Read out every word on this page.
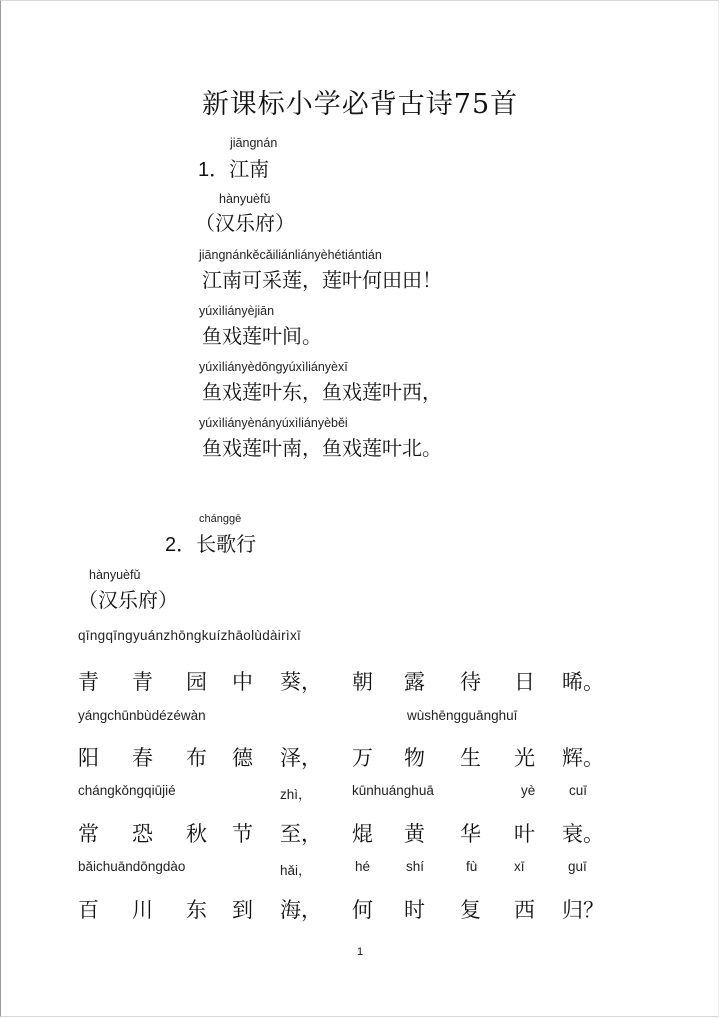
新课标小学必背古诗75首
jiāngnán
1．江南
hànyuèfǔ
（汉乐府）
jiāngnánkěcǎiliánliányèhétiántián
江南可采莲，莲叶何田田！
yúxìliányèjiān
鱼戏莲叶间。
yúxìliányèdōngyúxìliányèxī
鱼戏莲叶东，鱼戏莲叶西，
yúxìliányènányúxìliányèběi
鱼戏莲叶南，鱼戏莲叶北。
chánggē
2．长歌行
hànyuèfǔ
（汉乐府）
qīngqīngyuánzhōngkuízhāolùdàirìxī
青 青 园 中 葵， 朝 露 待 日 晞。
yángchūnbùdézéwàn	wùshēngguānghuī
阳 春 布 德 泽， 万 物 生 光 辉。
chángkǒngqiūjié	zhì，	kūnhuánghuā	yè cuī
常 恐 秋 节 至， 焜 黄 华 叶 衰。
bǎichuāndōngdào	hǎi，	hé	shí	fù	xī	guī
百 川 东 到 海， 何 时 复 西 归？
1
